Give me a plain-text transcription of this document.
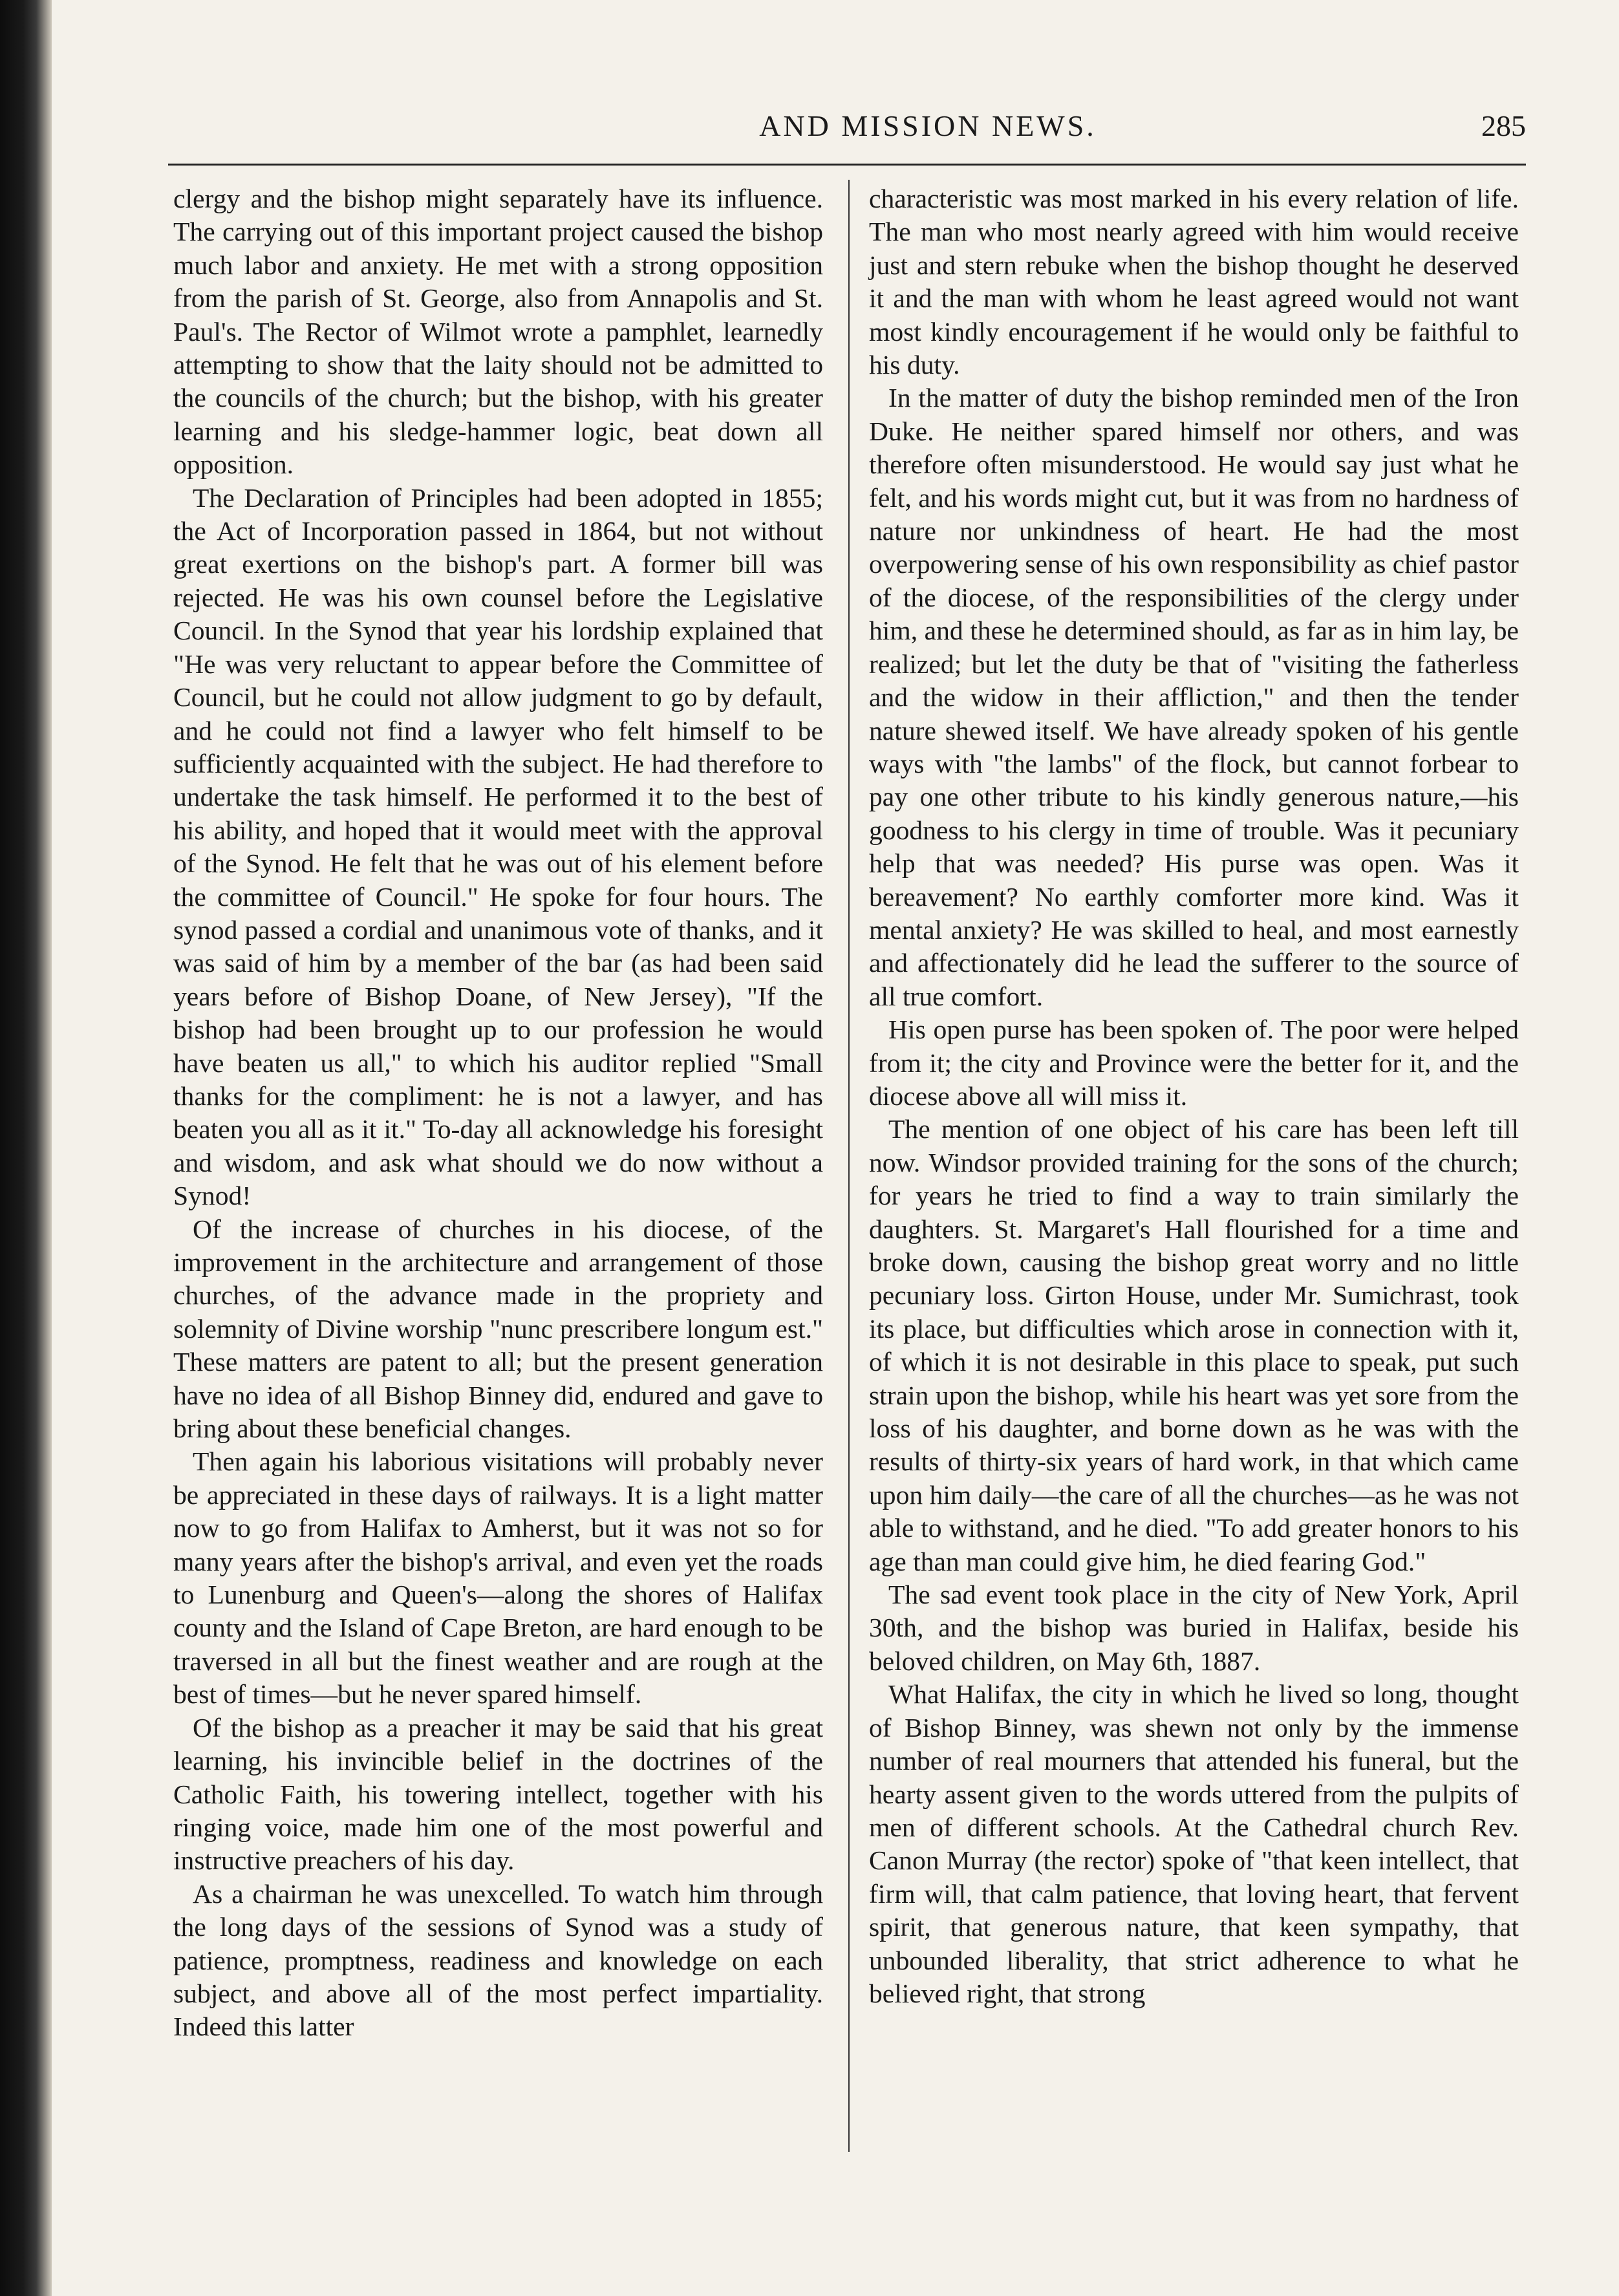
AND MISSION NEWS.	285

clergy and the bishop might separately have its influence. The carrying out of this important project caused the bishop much labor and anxiety. He met with a strong opposition from the parish of St. George, also from Annapolis and St. Paul's. The Rector of Wilmot wrote a pamphlet, learnedly attempting to show that the laity should not be admitted to the councils of the church; but the bishop, with his greater learning and his sledge-hammer logic, beat down all opposition.

The Declaration of Principles had been adopted in 1855; the Act of Incorporation passed in 1864, but not without great exertions on the bishop's part. A former bill was rejected. He was his own counsel before the Legislative Council. In the Synod that year his lordship explained that "He was very reluctant to appear before the Committee of Council, but he could not allow judgment to go by default, and he could not find a lawyer who felt himself to be sufficiently acquainted with the subject. He had therefore to undertake the task himself. He performed it to the best of his ability, and hoped that it would meet with the approval of the Synod. He felt that he was out of his element before the committee of Council." He spoke for four hours. The synod passed a cordial and unanimous vote of thanks, and it was said of him by a member of the bar (as had been said years before of Bishop Doane, of New Jersey), "If the bishop had been brought up to our profession he would have beaten us all," to which his auditor replied "Small thanks for the compliment: he is not a lawyer, and has beaten you all as it it." To-day all acknowledge his foresight and wisdom, and ask what should we do now without a Synod!

Of the increase of churches in his diocese, of the improvement in the architecture and arrangement of those churches, of the advance made in the propriety and solemnity of Divine worship "nunc prescribere longum est." These matters are patent to all; but the present generation have no idea of all Bishop Binney did, endured and gave to bring about these beneficial changes.

Then again his laborious visitations will probably never be appreciated in these days of railways. It is a light matter now to go from Halifax to Amherst, but it was not so for many years after the bishop's arrival, and even yet the roads to Lunenburg and Queen's—along the shores of Halifax county and the Island of Cape Breton, are hard enough to be traversed in all but the finest weather and are rough at the best of times—but he never spared himself.

Of the bishop as a preacher it may be said that his great learning, his invincible belief in the doctrines of the Catholic Faith, his towering intellect, together with his ringing voice, made him one of the most powerful and instructive preachers of his day.

As a chairman he was unexcelled. To watch him through the long days of the sessions of Synod was a study of patience, promptness, readiness and knowledge on each subject, and above all of the most perfect impartiality. Indeed this latter

characteristic was most marked in his every relation of life. The man who most nearly agreed with him would receive just and stern rebuke when the bishop thought he deserved it and the man with whom he least agreed would not want most kindly encouragement if he would only be faithful to his duty.

In the matter of duty the bishop reminded men of the Iron Duke. He neither spared himself nor others, and was therefore often misunderstood. He would say just what he felt, and his words might cut, but it was from no hardness of nature nor unkindness of heart. He had the most overpowering sense of his own responsibility as chief pastor of the diocese, of the responsibilities of the clergy under him, and these he determined should, as far as in him lay, be realized; but let the duty be that of "visiting the fatherless and the widow in their affliction," and then the tender nature shewed itself. We have already spoken of his gentle ways with "the lambs" of the flock, but cannot forbear to pay one other tribute to his kindly generous nature,—his goodness to his clergy in time of trouble. Was it pecuniary help that was needed? His purse was open. Was it bereavement? No earthly comforter more kind. Was it mental anxiety? He was skilled to heal, and most earnestly and affectionately did he lead the sufferer to the source of all true comfort.

His open purse has been spoken of. The poor were helped from it; the city and Province were the better for it, and the diocese above all will miss it.

The mention of one object of his care has been left till now. Windsor provided training for the sons of the church; for years he tried to find a way to train similarly the daughters. St. Margaret's Hall flourished for a time and broke down, causing the bishop great worry and no little pecuniary loss. Girton House, under Mr. Sumichrast, took its place, but difficulties which arose in connection with it, of which it is not desirable in this place to speak, put such strain upon the bishop, while his heart was yet sore from the loss of his daughter, and borne down as he was with the results of thirty-six years of hard work, in that which came upon him daily—the care of all the churches—as he was not able to withstand, and he died. "To add greater honors to his age than man could give him, he died fearing God."

The sad event took place in the city of New York, April 30th, and the bishop was buried in Halifax, beside his beloved children, on May 6th, 1887.

What Halifax, the city in which he lived so long, thought of Bishop Binney, was shewn not only by the immense number of real mourners that attended his funeral, but the hearty assent given to the words uttered from the pulpits of men of different schools. At the Cathedral church Rev. Canon Murray (the rector) spoke of "that keen intellect, that firm will, that calm patience, that loving heart, that fervent spirit, that generous nature, that keen sympathy, that unbounded liberality, that strict adherence to what he believed right, that strong
